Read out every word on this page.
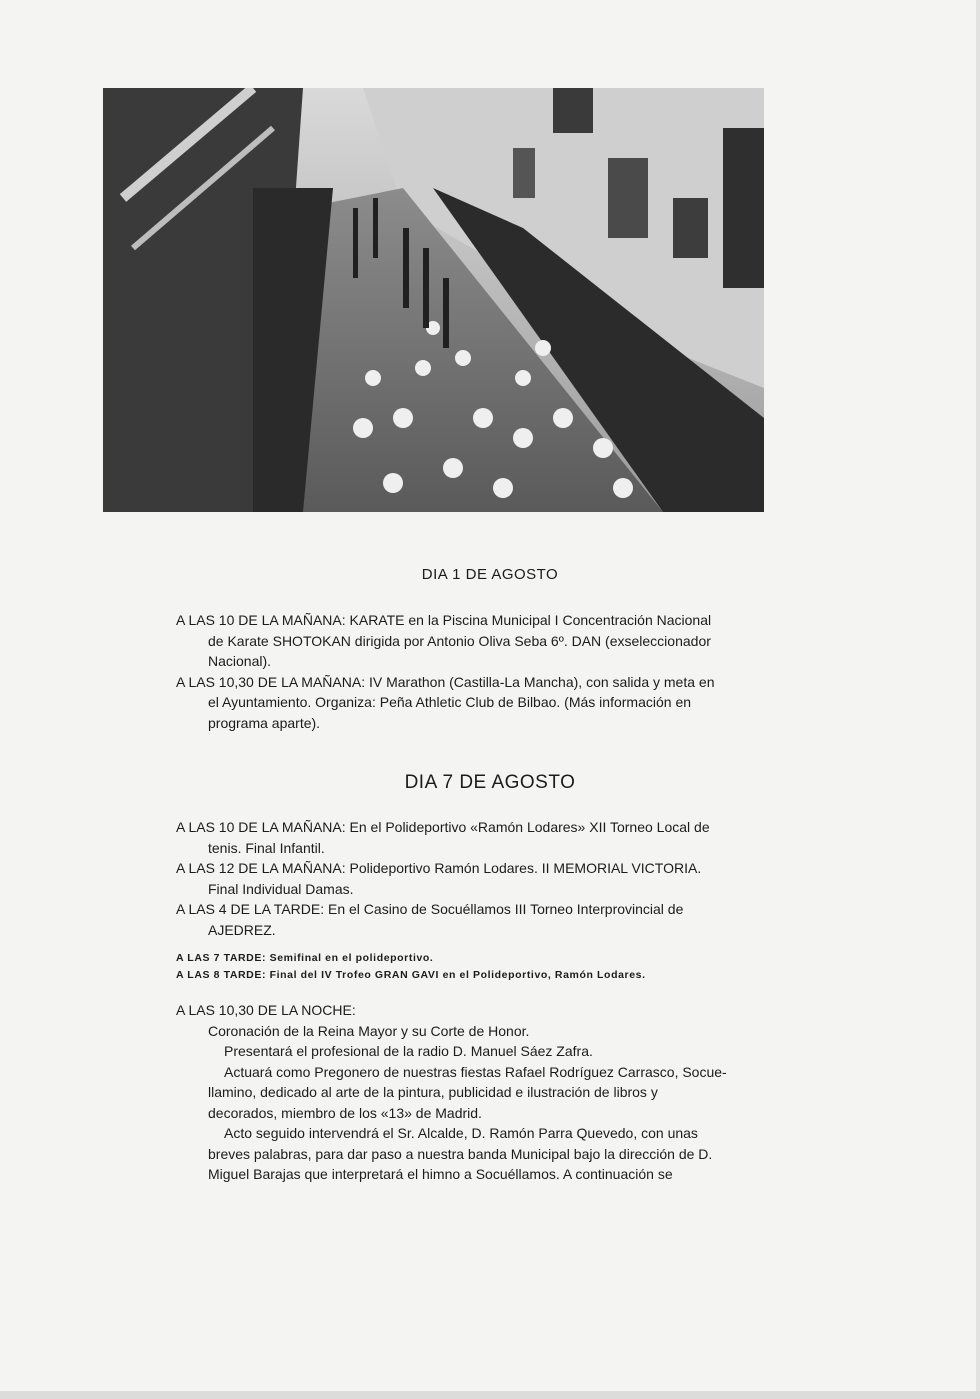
DIA 1 DE AGOSTO

A LAS 10 DE LA MAÑANA: KARATE en la Piscina Municipal I Concentración Nacional
de Karate SHOTOKAN dirigida por Antonio Oliva Seba 6º. DAN (exseleccionador
Nacional).

A LAS 10,30 DE LA MAÑANA: IV Marathon (Castilla-La Mancha), con salida y meta en
el Ayuntamiento. Organiza: Peña Athletic Club de Bilbao. (Más información en
programa aparte).

DIA 7 DE AGOSTO

A LAS 10 DE LA MAÑANA: En el Polideportivo «Ramón Lodares» XII Torneo Local de
tenis. Final Infantil.

A LAS 12 DE LA MAÑANA: Polideportivo Ramón Lodares. II MEMORIAL VICTORIA.
Final Individual Damas.

A LAS 4 DE LA TARDE: En el Casino de Socuéllamos III Torneo Interprovincial de
AJEDREZ.

A LAS 7 TARDE: Semifinal en el polideportivo.
A LAS 8 TARDE: Final del IV Trofeo GRAN GAVI en el Polideportivo, Ramón Lodares.
A LAS 10,30 DE LA NOCHE:
Coronación de la Reina Mayor y su Corte de Honor.
Presentará el profesional de la radio D. Manuel Sáez Zafra.
Actuará como Pregonero de nuestras fiestas Rafael Rodríguez Carrasco, Socue-
llamino, dedicado al arte de la pintura, publicidad e ilustración de libros y
decorados, miembro de los «13» de Madrid.
Acto seguido intervendrá el Sr. Alcalde, D. Ramón Parra Quevedo, con unas
breves palabras, para dar paso a nuestra banda Municipal bajo la dirección de D.
Miguel Barajas que interpretará el himno a Socuéllamos. A continuación se
